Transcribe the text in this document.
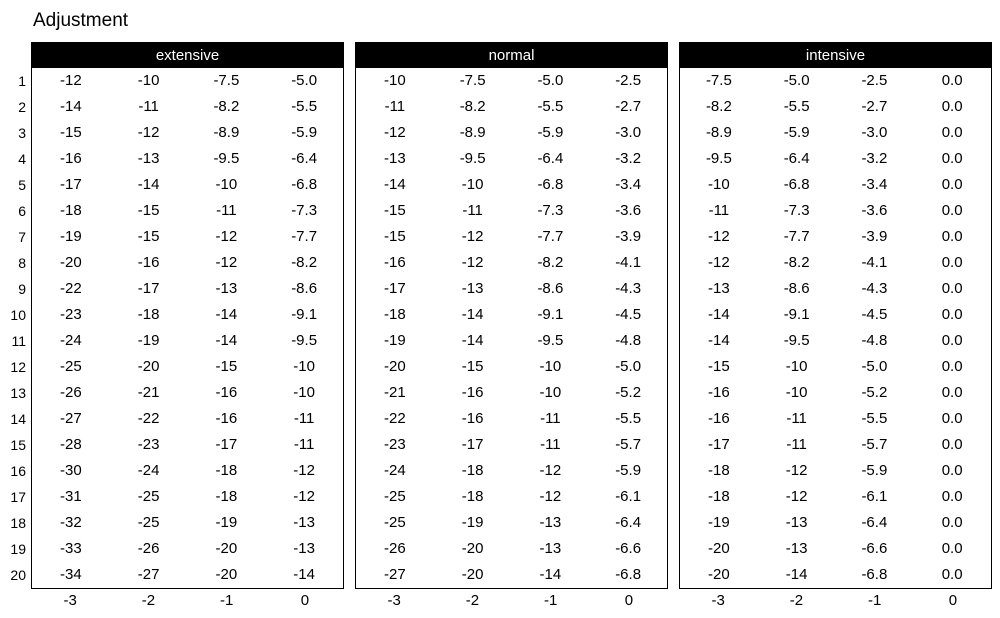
Adjustment
1
2
3
4
5
6
7
8
9
10
11
12
13
14
15
16
17
18
19
20
extensive
-12	-10	-7.5	-5.0
-14	-11	-8.2	-5.5
-15	-12	-8.9	-5.9
-16	-13	-9.5	-6.4
-17	-14	-10	-6.8
-18	-15	-11	-7.3
-19	-15	-12	-7.7
-20	-16	-12	-8.2
-22	-17	-13	-8.6
-23	-18	-14	-9.1
-24	-19	-14	-9.5
-25	-20	-15	-10
-26	-21	-16	-10
-27	-22	-16	-11
-28	-23	-17	-11
-30	-24	-18	-12
-31	-25	-18	-12
-32	-25	-19	-13
-33	-26	-20	-13
-34	-27	-20	-14
-3	-2	-1	0
normal
-10	-7.5	-5.0	-2.5
-11	-8.2	-5.5	-2.7
-12	-8.9	-5.9	-3.0
-13	-9.5	-6.4	-3.2
-14	-10	-6.8	-3.4
-15	-11	-7.3	-3.6
-15	-12	-7.7	-3.9
-16	-12	-8.2	-4.1
-17	-13	-8.6	-4.3
-18	-14	-9.1	-4.5
-19	-14	-9.5	-4.8
-20	-15	-10	-5.0
-21	-16	-10	-5.2
-22	-16	-11	-5.5
-23	-17	-11	-5.7
-24	-18	-12	-5.9
-25	-18	-12	-6.1
-25	-19	-13	-6.4
-26	-20	-13	-6.6
-27	-20	-14	-6.8
-3	-2	-1	0
intensive
-7.5	-5.0	-2.5	0.0
-8.2	-5.5	-2.7	0.0
-8.9	-5.9	-3.0	0.0
-9.5	-6.4	-3.2	0.0
-10	-6.8	-3.4	0.0
-11	-7.3	-3.6	0.0
-12	-7.7	-3.9	0.0
-12	-8.2	-4.1	0.0
-13	-8.6	-4.3	0.0
-14	-9.1	-4.5	0.0
-14	-9.5	-4.8	0.0
-15	-10	-5.0	0.0
-16	-10	-5.2	0.0
-16	-11	-5.5	0.0
-17	-11	-5.7	0.0
-18	-12	-5.9	0.0
-18	-12	-6.1	0.0
-19	-13	-6.4	0.0
-20	-13	-6.6	0.0
-20	-14	-6.8	0.0
-3	-2	-1	0
